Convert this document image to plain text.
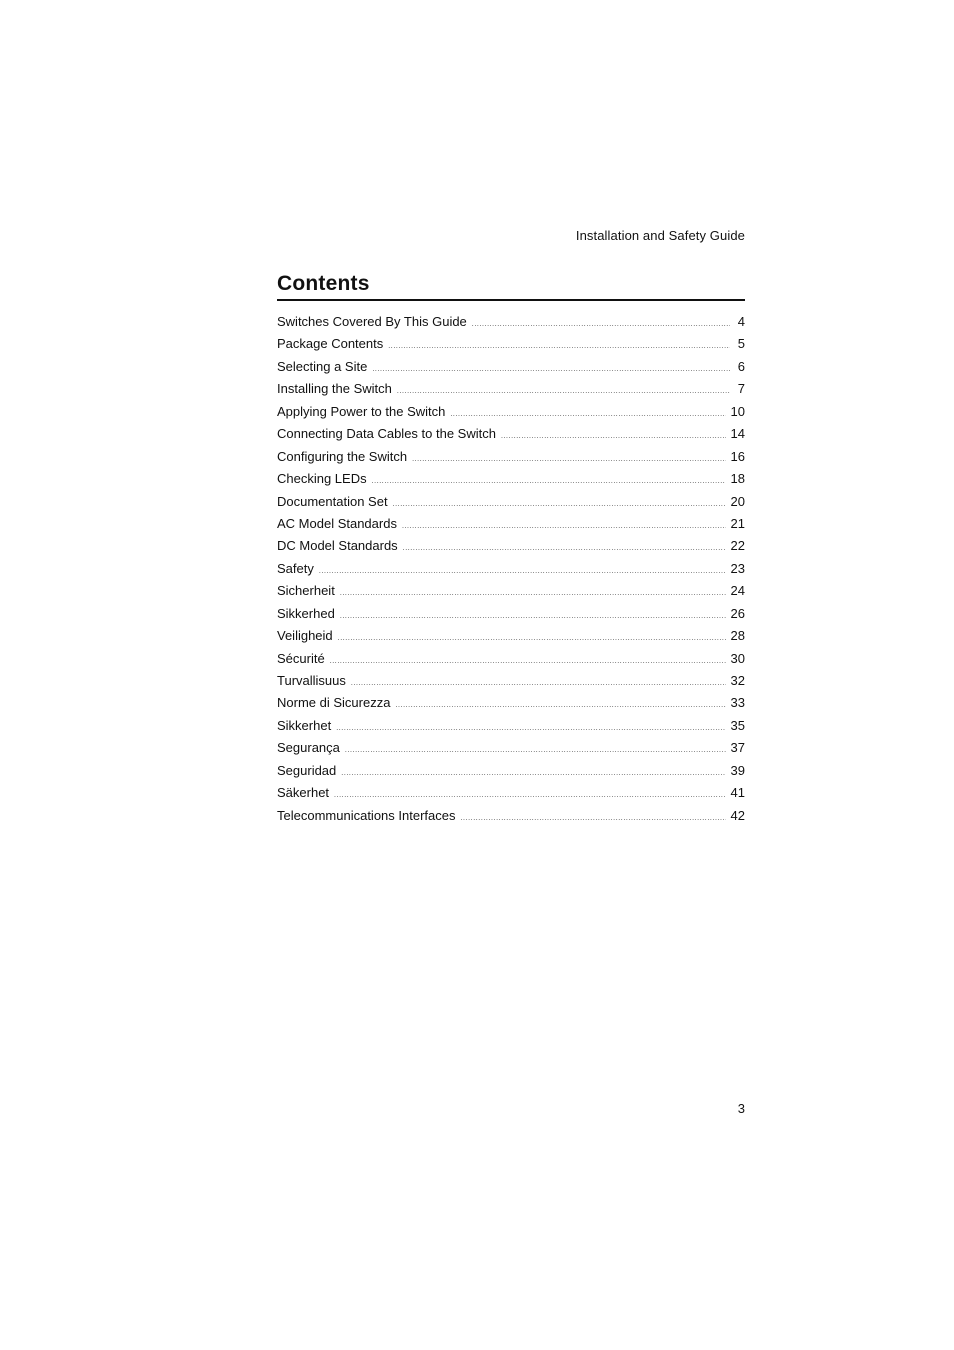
Installation and Safety Guide
Contents
Switches Covered By This Guide .....	4
Package Contents .....	5
Selecting a Site .....	6
Installing the Switch .....	7
Applying Power to the Switch .....	10
Connecting Data Cables to the Switch .....	14
Configuring the Switch .....	16
Checking LEDs .....	18
Documentation Set .....	20
AC Model Standards .....	21
DC Model Standards .....	22
Safety .....	23
Sicherheit .....	24
Sikkerhed .....	26
Veiligheid .....	28
Sécurité .....	30
Turvallisuus .....	32
Norme di Sicurezza .....	33
Sikkerhet .....	35
Segurança .....	37
Seguridad .....	39
Säkerhet .....	41
Telecommunications Interfaces .....	42
3
